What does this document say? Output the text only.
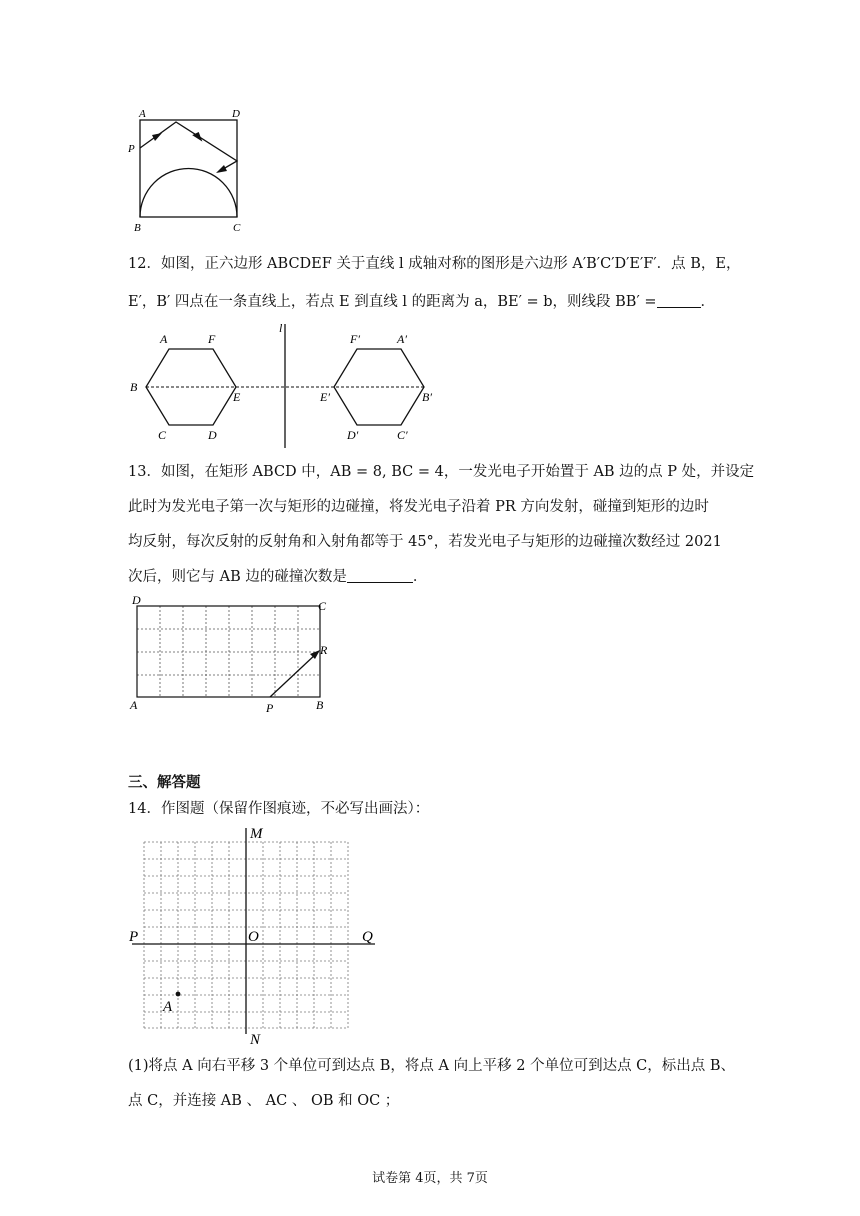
A	D
P
B	C
12．如图，正六边形 ABCDEF 关于直线 l 成轴对称的图形是六边形 A′B′C′D′E′F′．点 B，E，
E′，B′ 四点在一条直线上，若点 E 到直线 l 的距离为 a，BE′ = b，则线段 BB′ =	．
l
A	F
B
E
C	D
F′	A′
E′	B′
D′	C′
13．如图，在矩形 ABCD 中，AB = 8, BC = 4，一发光电子开始置于 AB 边的点 P 处，并设定
此时为发光电子第一次与矩形的边碰撞，将发光电子沿着 PR 方向发射，碰撞到矩形的边时
均反射，每次反射的反射角和入射角都等于 45°，若发光电子与矩形的边碰撞次数经过 2021
次后，则它与 AB 边的碰撞次数是	．
D	C
R
A	P	B
三、解答题
14．作图题（保留作图痕迹，不必写出画法）：
M
N
P	Q
O
A
(1)将点 A 向右平移 3 个单位可到达点 B，将点 A 向上平移 2 个单位可到达点 C，标出点 B、
点 C，并连接 AB 、 AC 、 OB 和 OC ；
试卷第 4页，共 7页
